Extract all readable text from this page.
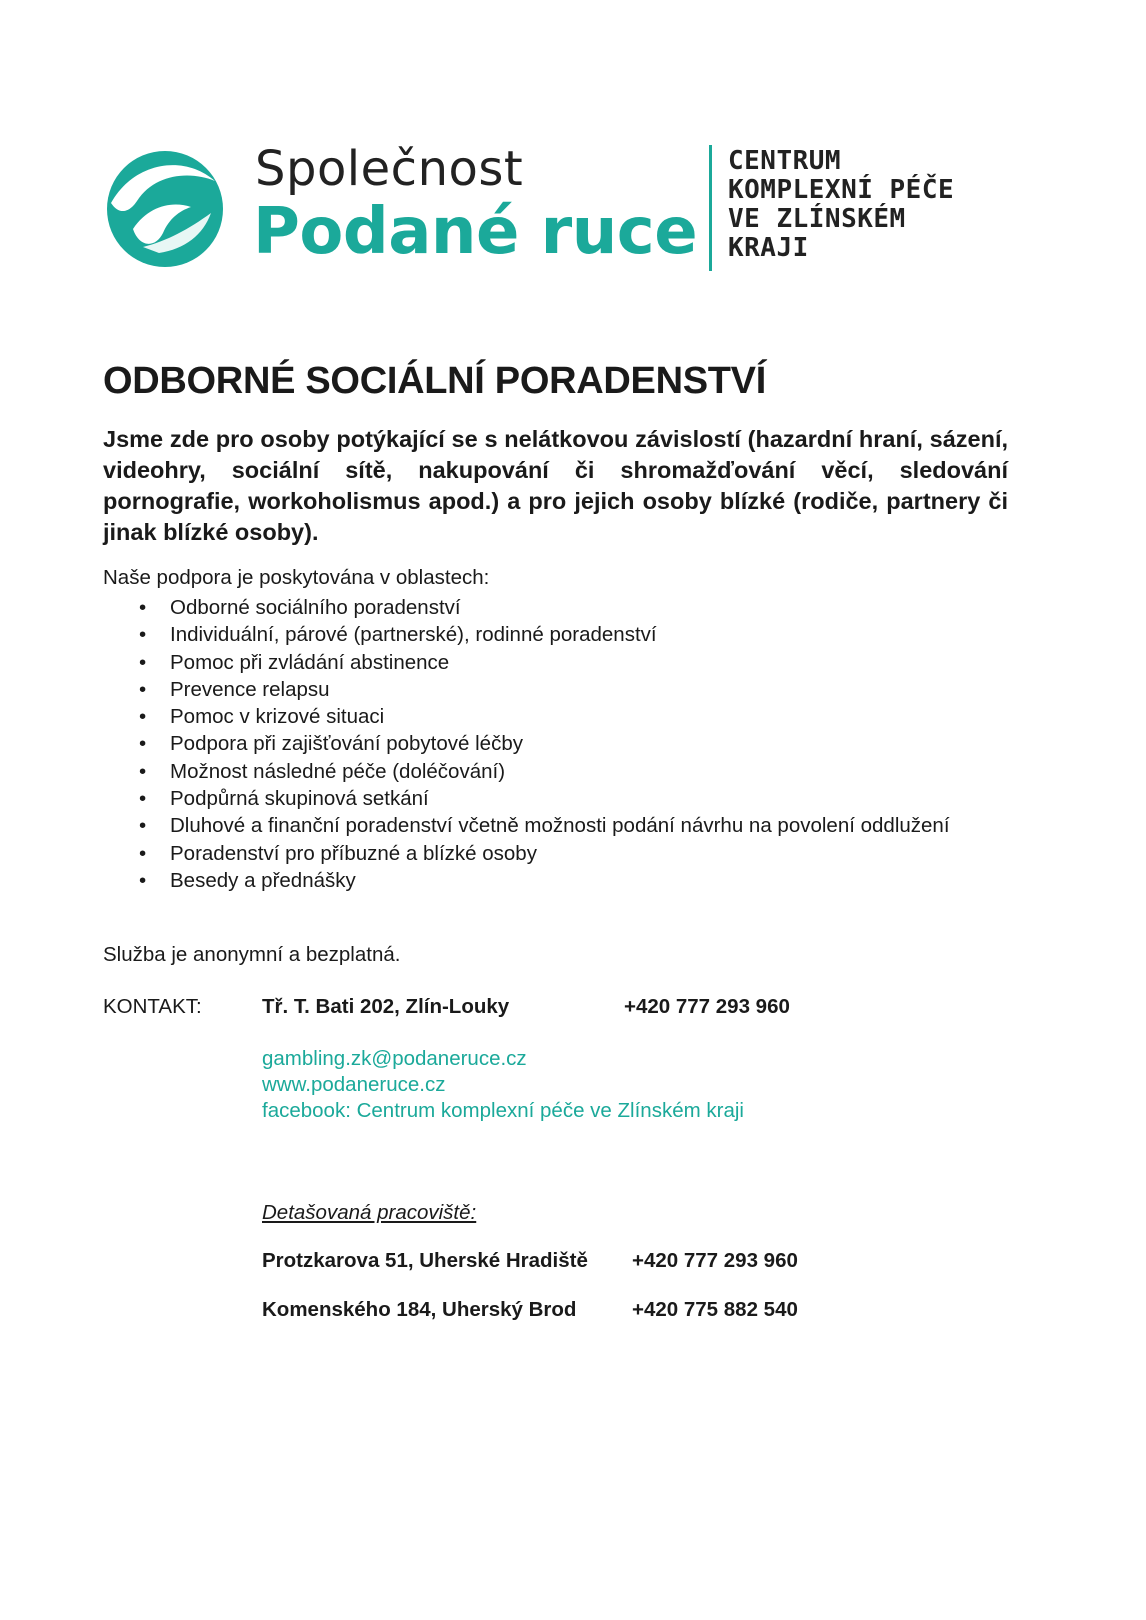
Společnost
Podané ruce
CENTRUM
KOMPLEXNÍ PÉČE
VE ZLÍNSKÉM
KRAJI
ODBORNÉ SOCIÁLNÍ PORADENSTVÍ

Jsme zde pro osoby potýkající se s nelátkovou závislostí (hazardní hraní, sázení, videohry, sociální sítě, nakupování či shromažďování věcí, sledování pornografie, workoholismus apod.) a pro jejich osoby blízké (rodiče, partnery či jinak blízké osoby).

Naše podpora je poskytována v oblastech:

• Odborné sociálního poradenství
• Individuální, párové (partnerské), rodinné poradenství
• Pomoc při zvládání abstinence
• Prevence relapsu
• Pomoc v krizové situaci
• Podpora při zajišťování pobytové léčby
• Možnost následné péče (doléčování)
• Podpůrná skupinová setkání
• Dluhové a finanční poradenství včetně možnosti podání návrhu na povolení oddlužení
• Poradenství pro příbuzné a blízké osoby
• Besedy a přednášky

Služba je anonymní a bezplatná.

KONTAKT:	Tř. T. Bati 202, Zlín-Louky	+420 777 293 960
gambling.zk@podaneruce.cz
www.podaneruce.cz
facebook: Centrum komplexní péče ve Zlínském kraji
Detašovaná pracoviště:
Protzkarova 51, Uherské Hradiště +420 777 293 960
Komenského 184, Uherský Brod	+420 775 882 540
